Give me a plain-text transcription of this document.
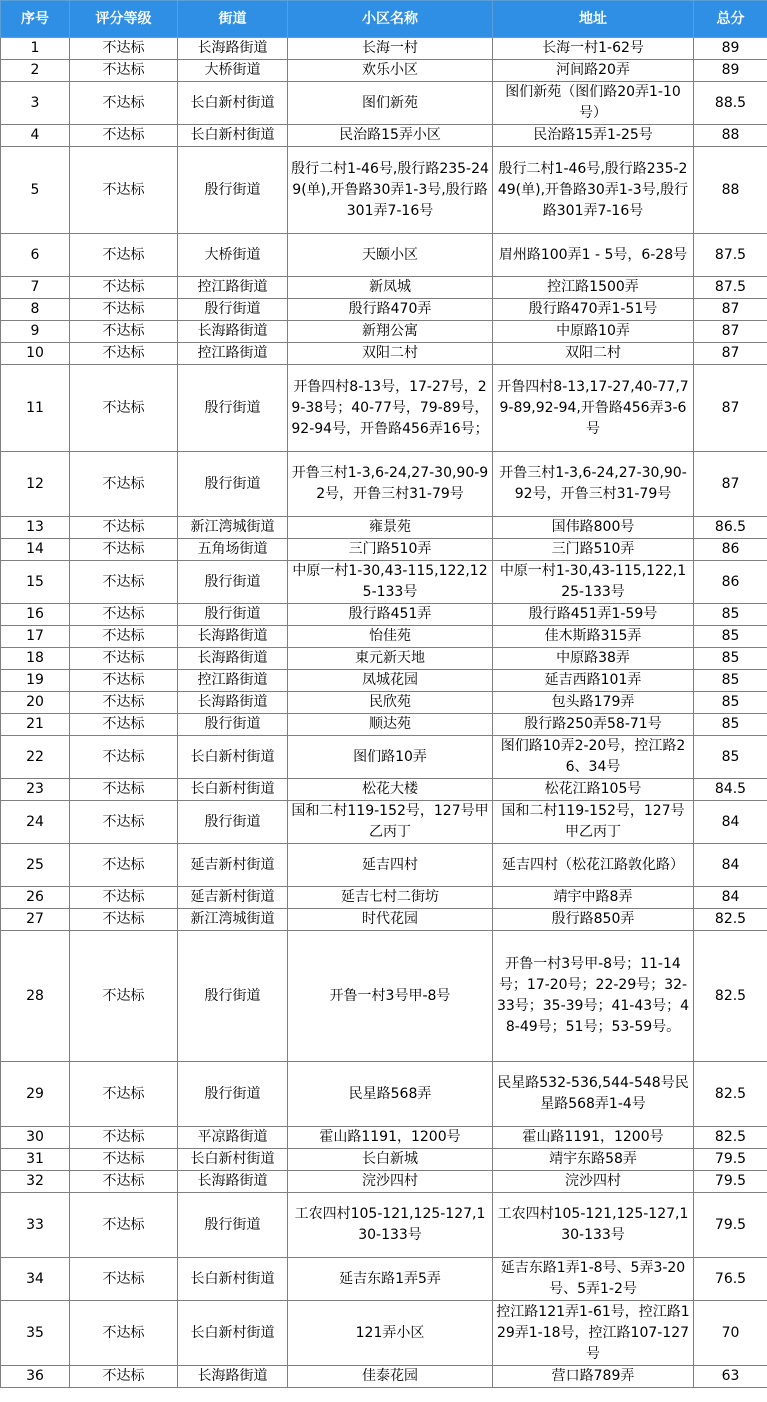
序号	评分等级	街道	小区名称	地址	总分
1	不达标	长海路街道	长海一村	长海一村1-62号	89
2	不达标	大桥街道	欢乐小区	河间路20弄	89
3	不达标	长白新村街道	图们新苑	图们新苑（图们路20弄1-10号）	88.5
4	不达标	长白新村街道	民治路15弄小区	民治路15弄1-25号	88
5	不达标	殷行街道	殷行二村1-46号,殷行路235-249(单),开鲁路30弄1-3号,殷行路301弄7-16号	殷行二村1-46号,殷行路235-249(单),开鲁路30弄1-3号,殷行路301弄7-16号	88
6	不达标	大桥街道	天颐小区	眉州路100弄1 - 5号，6-28号	87.5
7	不达标	控江路街道	新凤城	控江路1500弄	87.5
8	不达标	殷行街道	殷行路470弄	殷行路470弄1-51号	87
9	不达标	长海路街道	新翔公寓	中原路10弄	87
10	不达标	控江路街道	双阳二村	双阳二村	87
11	不达标	殷行街道	开鲁四村8-13号，17-27号，29-38号；40-77号，79-89号，92-94号，开鲁路456弄16号；	开鲁四村8-13,17-27,40-77,79-89,92-94,开鲁路456弄3-6号	87
12	不达标	殷行街道	开鲁三村1-3,6-24,27-30,90-92号，开鲁三村31-79号	开鲁三村1-3,6-24,27-30,90-92号，开鲁三村31-79号	87
13	不达标	新江湾城街道	雍景苑	国伟路800号	86.5
14	不达标	五角场街道	三门路510弄	三门路510弄	86
15	不达标	殷行街道	中原一村1-30,43-115,122,125-133号	中原一村1-30,43-115,122,125-133号	86
16	不达标	殷行街道	殷行路451弄	殷行路451弄1-59号	85
17	不达标	长海路街道	怡佳苑	佳木斯路315弄	85
18	不达标	长海路街道	東元新天地	中原路38弄	85
19	不达标	控江路街道	凤城花园	延吉西路101弄	85
20	不达标	长海路街道	民欣苑	包头路179弄	85
21	不达标	殷行街道	顺达苑	殷行路250弄58-71号	85
22	不达标	长白新村街道	图们路10弄	图们路10弄2-20号，控江路26、34号	85
23	不达标	长白新村街道	松花大楼	松花江路105号	84.5
24	不达标	殷行街道	国和二村119-152号，127号甲乙丙丁	国和二村119-152号，127号甲乙丙丁	84
25	不达标	延吉新村街道	延吉四村	延吉四村（松花江路敦化路）	84
26	不达标	延吉新村街道	延吉七村二街坊	靖宇中路8弄	84
27	不达标	新江湾城街道	时代花园	殷行路850弄	82.5
28	不达标	殷行街道	开鲁一村3号甲-8号	开鲁一村3号甲-8号；11-14号；17-20号；22-29号；32-33号；35-39号；41-43号；48-49号；51号；53-59号。	82.5
29	不达标	殷行街道	民星路568弄	民星路532-536,544-548号民星路568弄1-4号	82.5
30	不达标	平凉路街道	霍山路1191，1200号	霍山路1191，1200号	82.5
31	不达标	长白新村街道	长白新城	靖宇东路58弄	79.5
32	不达标	长海路街道	浣沙四村	浣沙四村	79.5
33	不达标	殷行街道	工农四村105-121,125-127,130-133号	工农四村105-121,125-127,130-133号	79.5
34	不达标	长白新村街道	延吉东路1弄5弄	延吉东路1弄1-8号、5弄3-20号、5弄1-2号	76.5
35	不达标	长白新村街道	121弄小区	控江路121弄1-61号，控江路129弄1-18号，控江路107-127号	70
36	不达标	长海路街道	佳泰花园	营口路789弄	63
